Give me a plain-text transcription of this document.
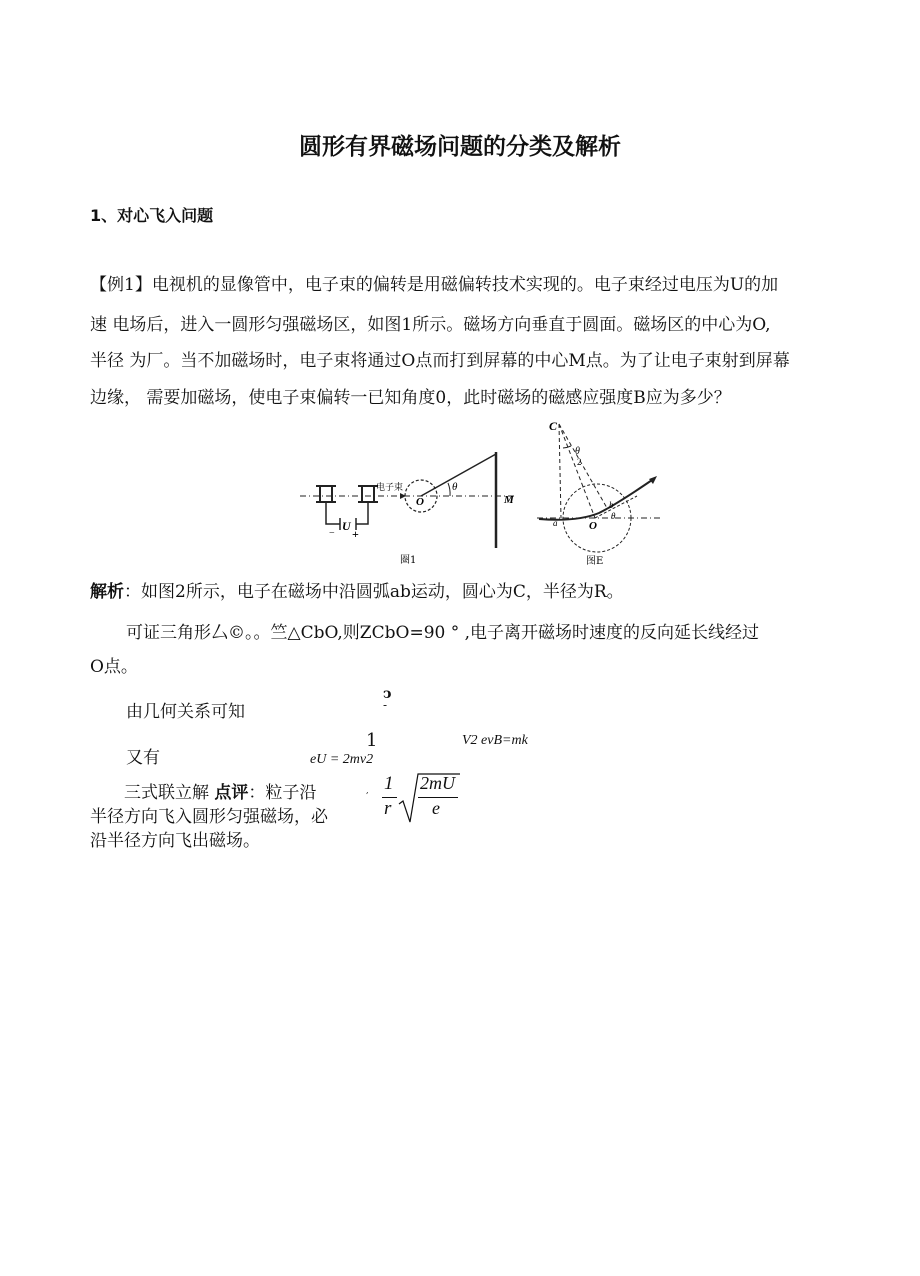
圆形有界磁场问题的分类及解析
1、对心飞入问题
【例1】电视机的显像管中，电子束的偏转是用磁偏转技术实现的。电子束经过电压为U的加
速 电场后，进入一圆形匀强磁场区，如图1所示。磁场方向垂直于圆面。磁场区的中心为O,
半径 为厂。当不加磁场时，电子束将通过O点而打到屏幕的中心M点。为了让电子束射到屏幕
边缘， 需要加磁场，使电子束偏转一已知角度0，此时磁场的磁感应强度B应为多少？
−
U
+
电子束
O
θ
M
圏1
C
θ
2
O
a
b
θ
图E
解析：如图2所示，电子在磁场中沿圆弧ab运动，圆心为C，半径为R。
可证三角形厶©。。竺△CbO,则ZCbO=90 ° ,电子离开磁场时速度的反向延长线经过
O点。
由几何关系可知
ↄ
-
又有
1
eU = 2mv2
V2 evB=mk
三式联立解 点评：粒子沿
半径方向飞入圆形匀强磁场，必
沿半径方向飞出磁场。
, 1
r
2mU
e
